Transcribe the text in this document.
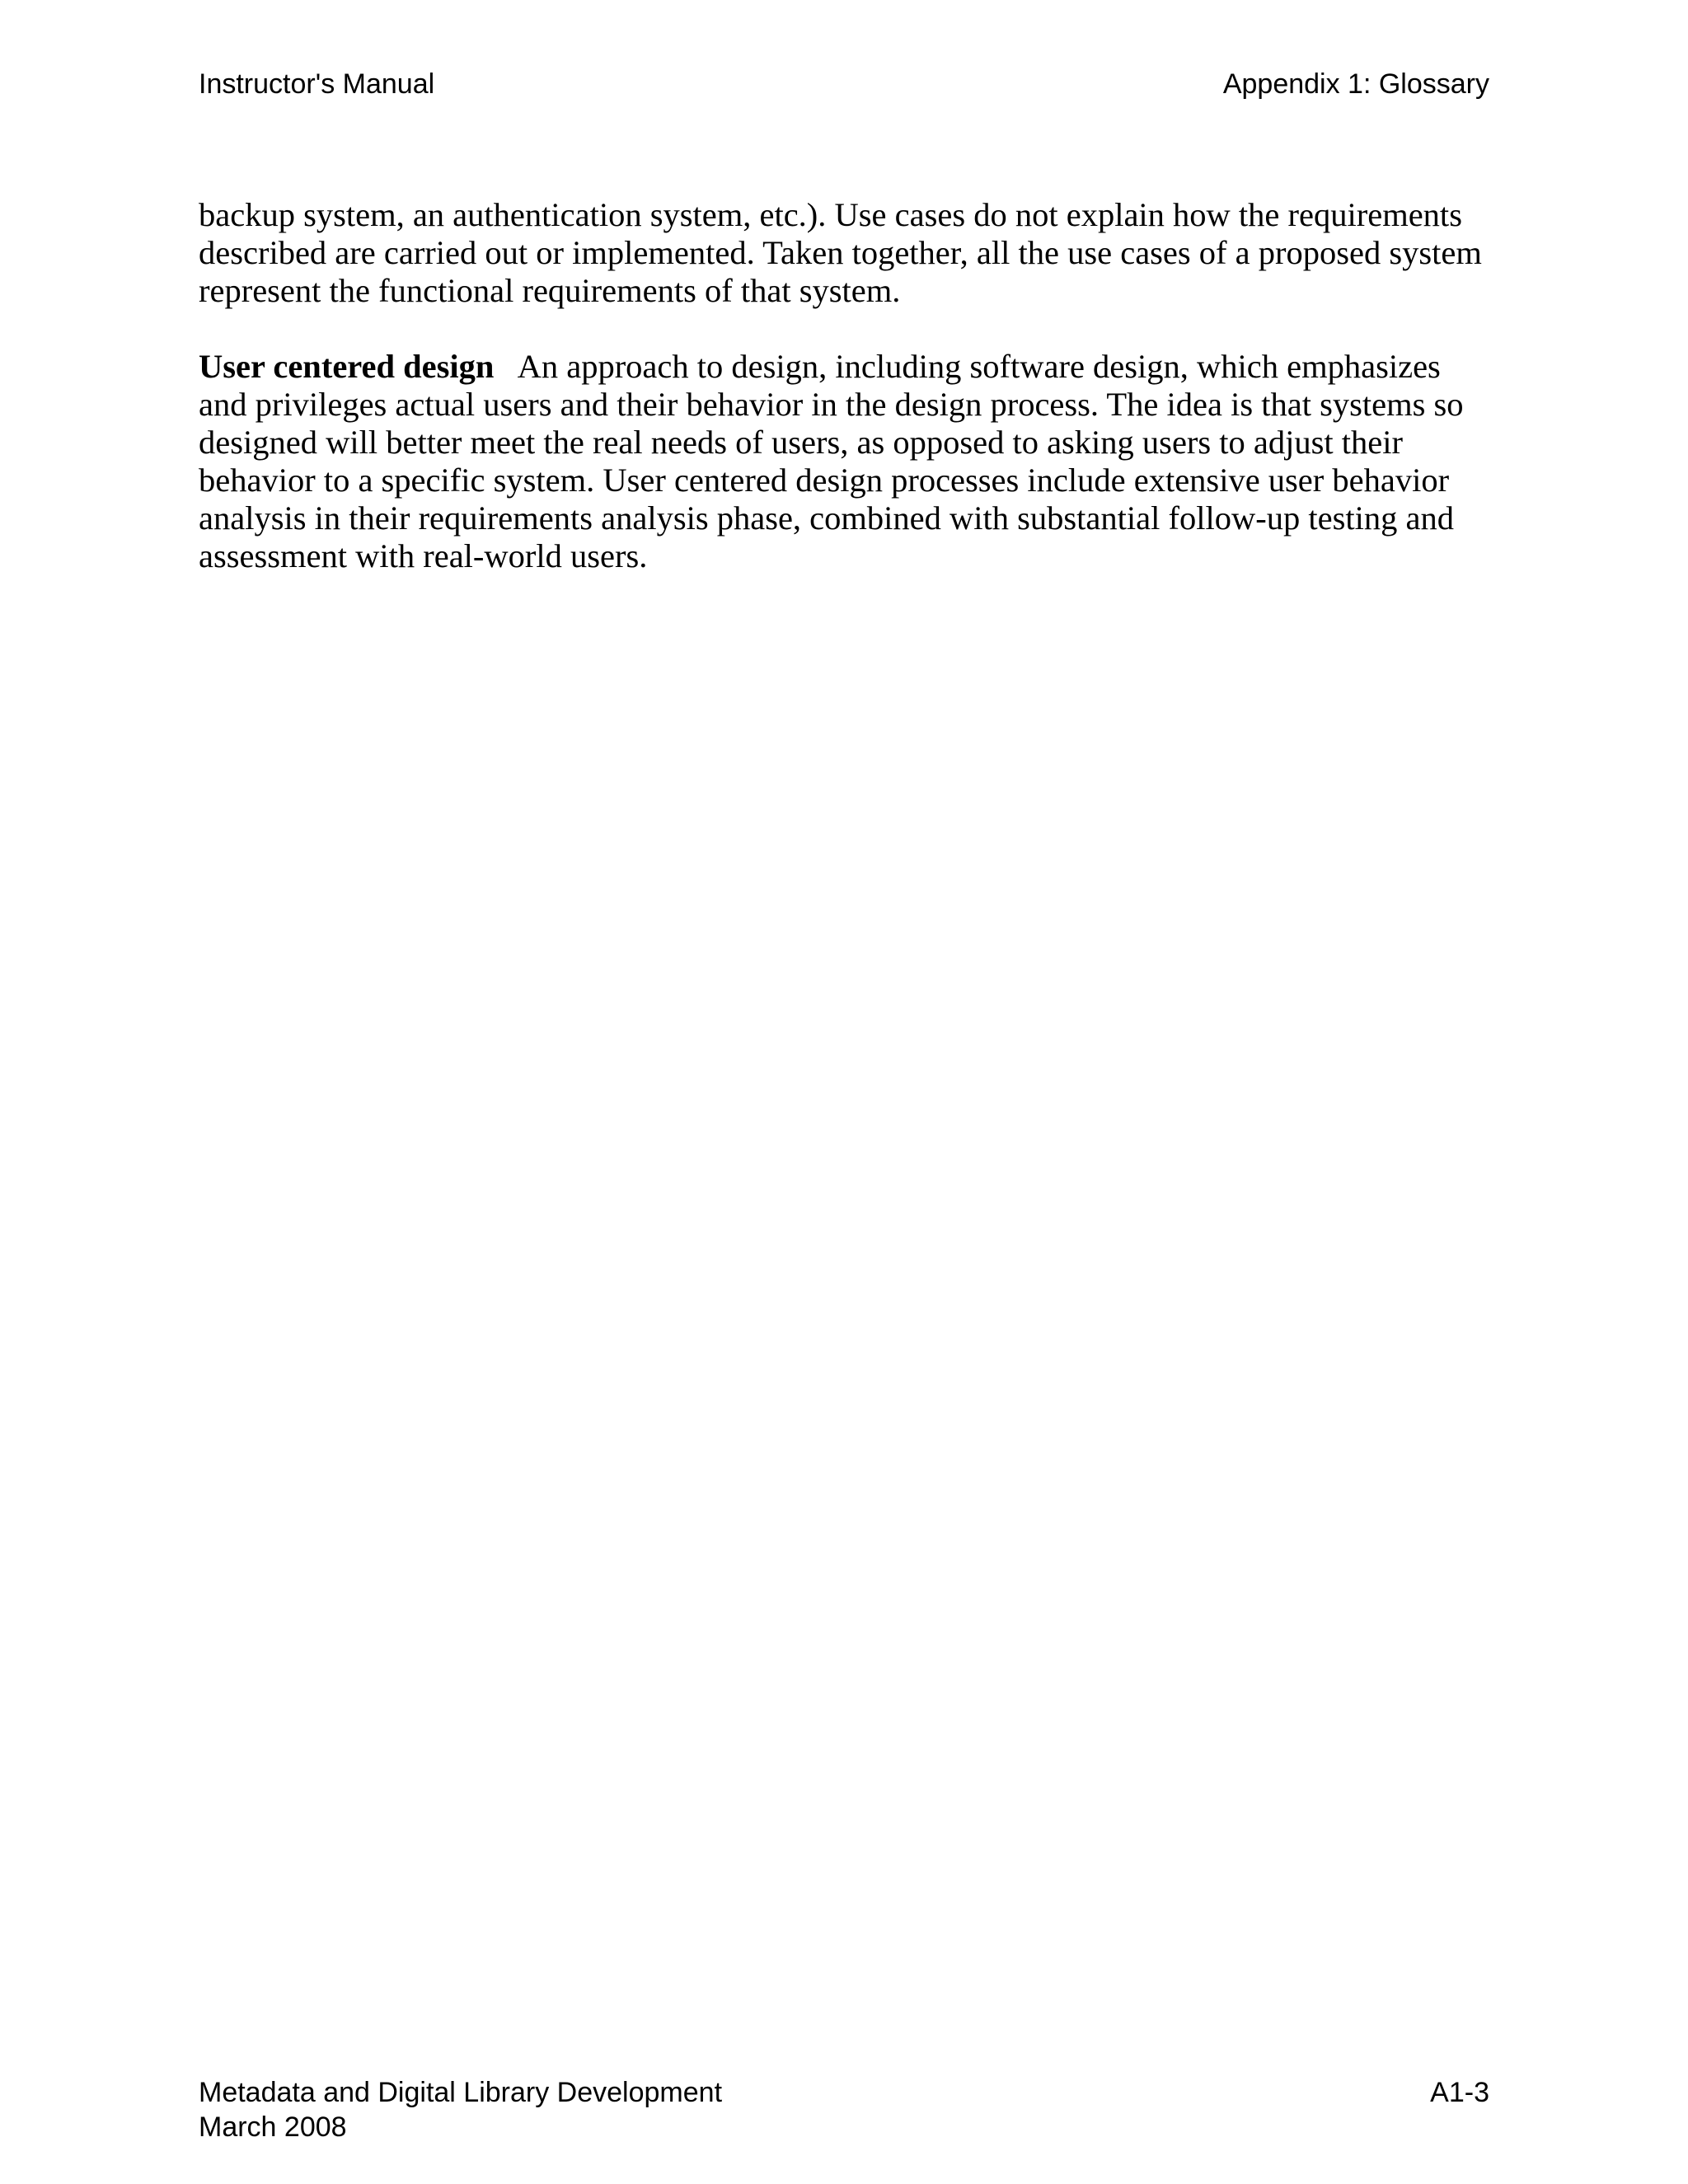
Instructor's Manual	Appendix 1: Glossary

backup system, an authentication system, etc.). Use cases do not explain how the requirements described are carried out or implemented. Taken together, all the use cases of a proposed system represent the functional requirements of that system.

User centered design An approach to design, including software design, which emphasizes and privileges actual users and their behavior in the design process. The idea is that systems so designed will better meet the real needs of users, as opposed to asking users to adjust their behavior to a specific system. User centered design processes include extensive user behavior analysis in their requirements analysis phase, combined with substantial follow-up testing and assessment with real-world users.

Metadata and Digital Library Development
March 2008
A1-3
